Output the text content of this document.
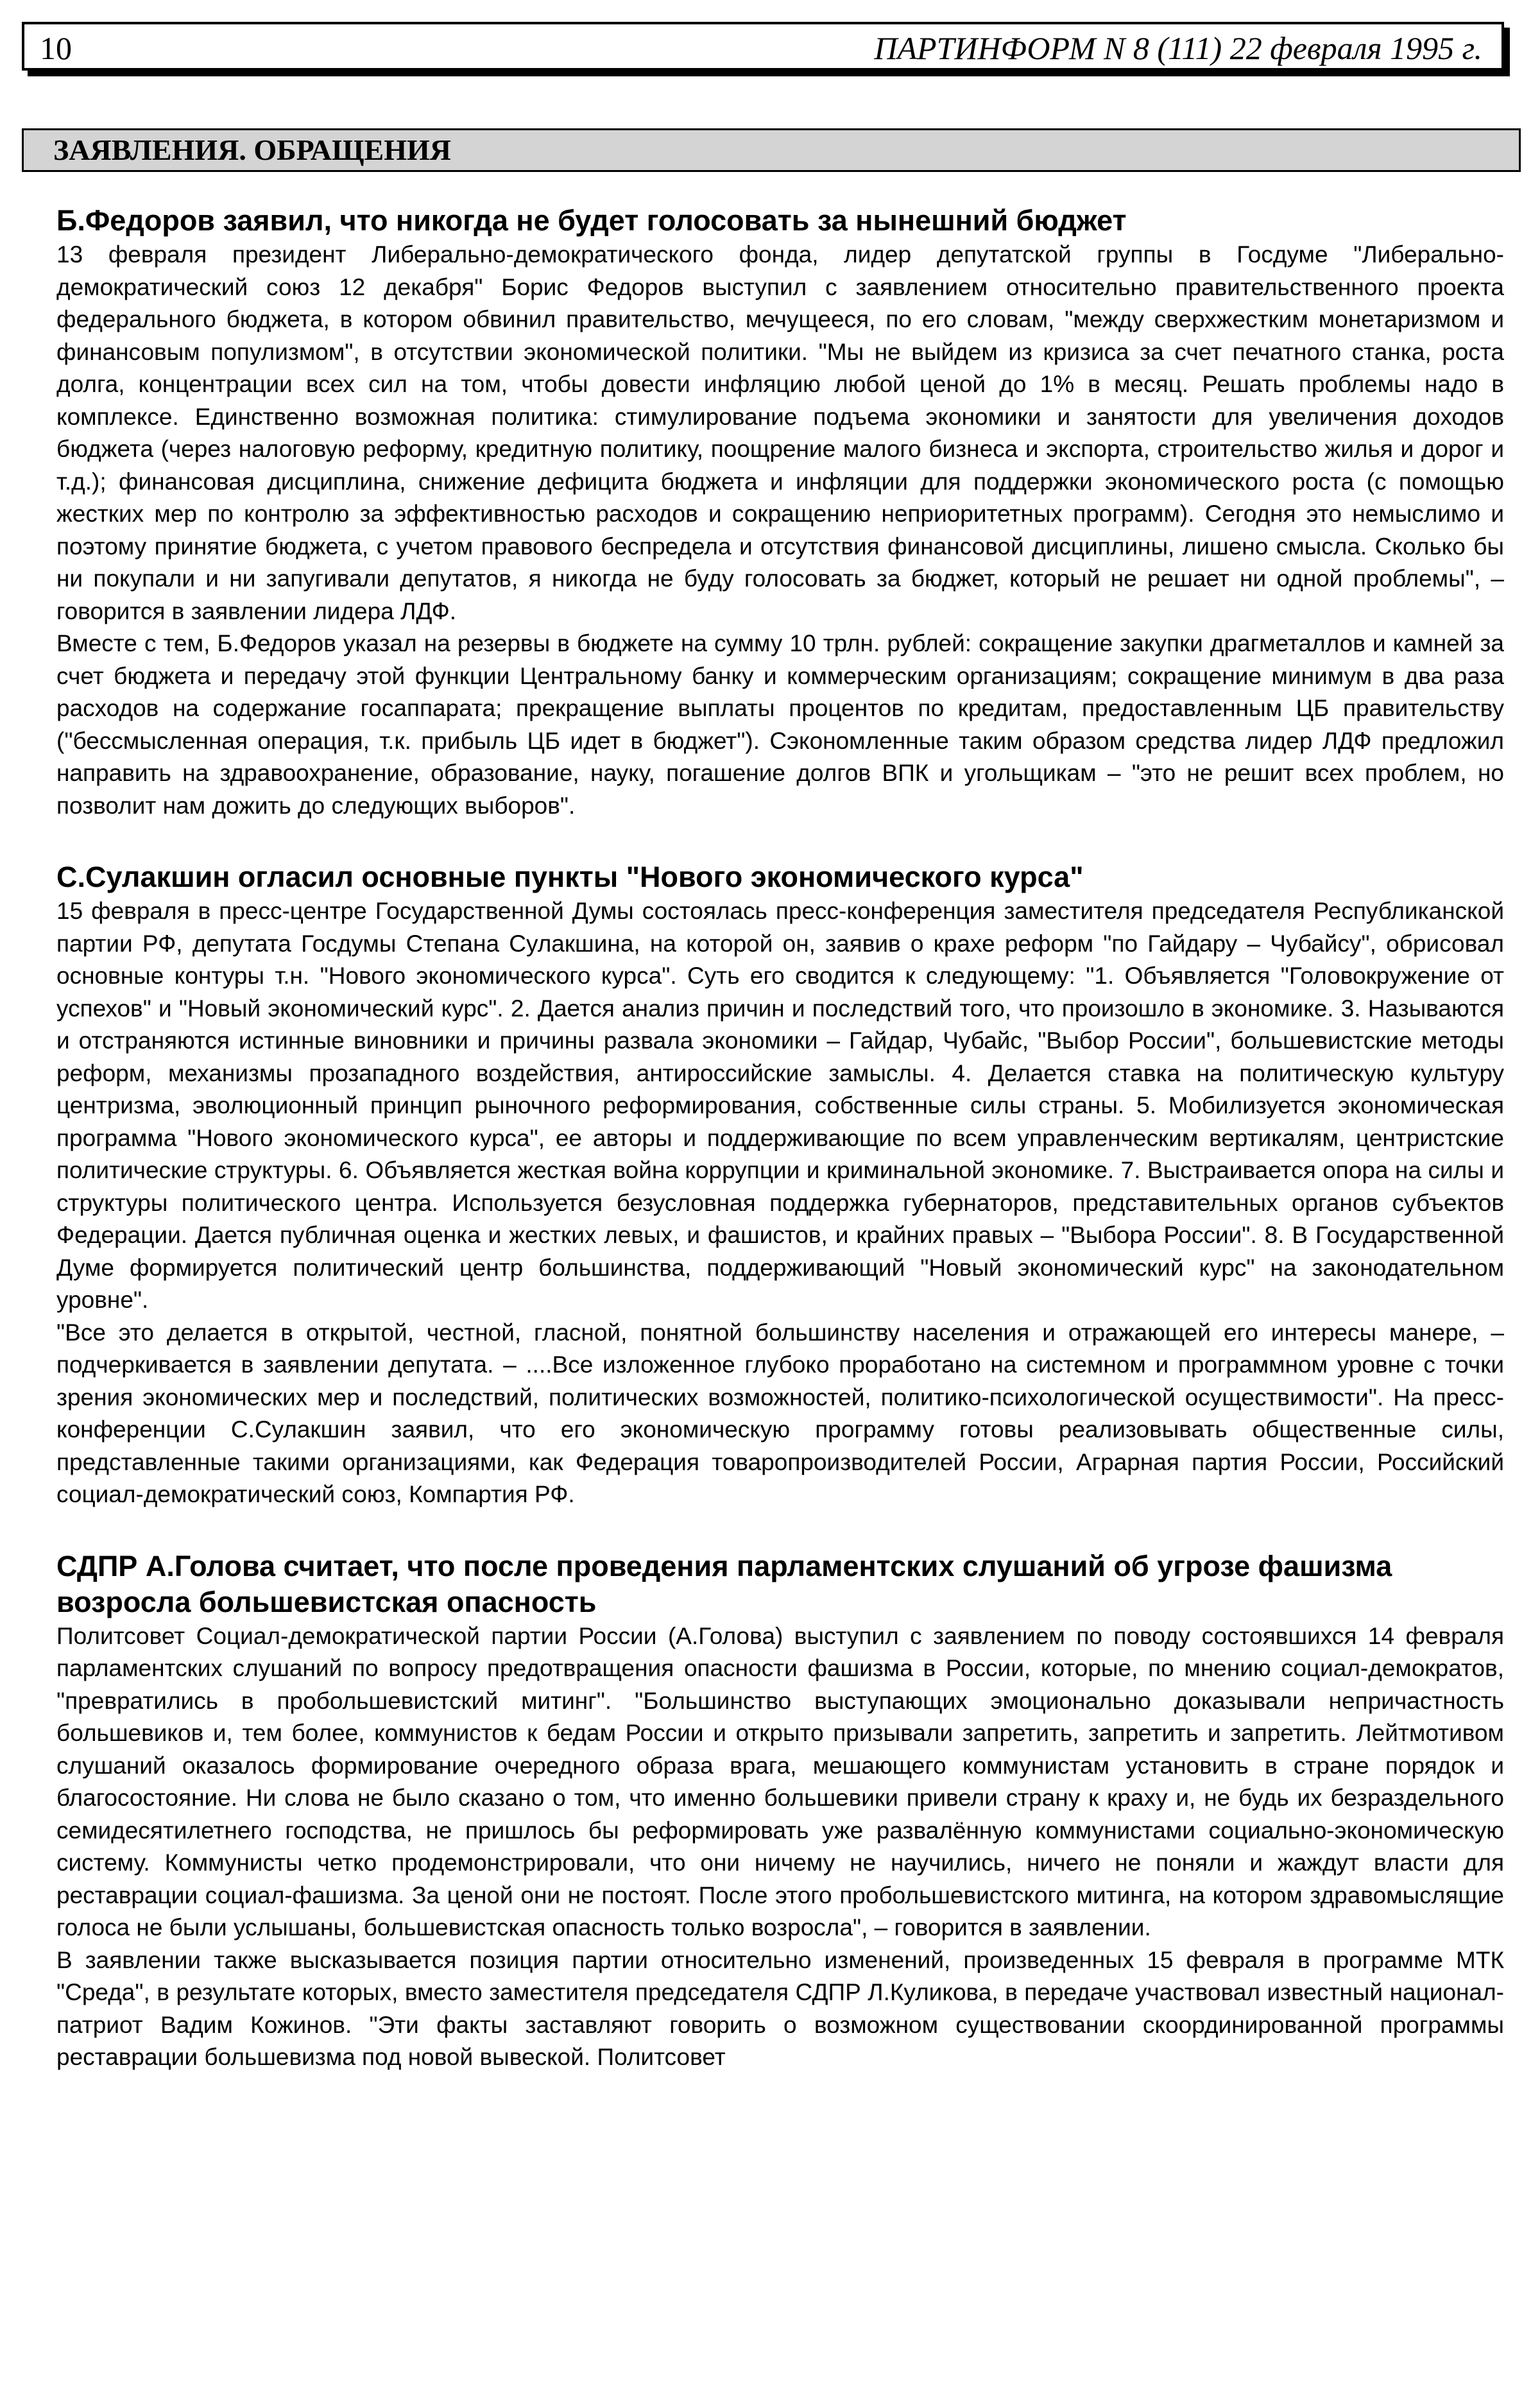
10	ПАРТИНФОРМ N 8 (111) 22 февраля 1995 г.
ЗАЯВЛЕНИЯ. ОБРАЩЕНИЯ
Б.Федоров заявил, что никогда не будет голосовать за нынешний бюджет

13 февраля президент Либерально-демократического фонда, лидер депутатской группы в Госдуме "Либерально-демократический союз 12 декабря" Борис Федоров выступил с заявлением относительно правительственного проекта федерального бюджета, в котором обвинил правительство, мечущееся, по его словам, "между сверхжестким монетаризмом и финансовым популизмом", в отсутствии экономической политики. "Мы не выйдем из кризиса за счет печатного станка, роста долга, концентрации всех сил на том, чтобы довести инфляцию любой ценой до 1% в месяц. Решать проблемы надо в комплексе. Единственно возможная политика: стимулирование подъема экономики и занятости для увеличения доходов бюджета (через налоговую реформу, кредитную политику, поощрение малого бизнеса и экспорта, строительство жилья и дорог и т.д.); финансовая дисциплина, снижение дефицита бюджета и инфляции для поддержки экономического роста (с помощью жестких мер по контролю за эффективностью расходов и сокращению неприоритетных программ). Сегодня это немыслимо и поэтому принятие бюджета, с учетом правового беспредела и отсутствия финансовой дисциплины, лишено смысла. Сколько бы ни покупали и ни запугивали депутатов, я никогда не буду голосовать за бюджет, который не решает ни одной проблемы", – говорится в заявлении лидера ЛДФ.

Вместе с тем, Б.Федоров указал на резервы в бюджете на сумму 10 трлн. рублей: сокращение закупки драгметаллов и камней за счет бюджета и передачу этой функции Центральному банку и коммерческим организациям; сокращение минимум в два раза расходов на содержание госаппарата; прекращение выплаты процентов по кредитам, предоставленным ЦБ правительству ("бессмысленная операция, т.к. прибыль ЦБ идет в бюджет"). Сэкономленные таким образом средства лидер ЛДФ предложил направить на здравоохранение, образование, науку, погашение долгов ВПК и угольщикам – "это не решит всех проблем, но позволит нам дожить до следующих выборов".

С.Сулакшин огласил основные пункты "Нового экономического курса"

15 февраля в пресс-центре Государственной Думы состоялась пресс-конференция заместителя председателя Республиканской партии РФ, депутата Госдумы Степана Сулакшина, на которой он, заявив о крахе реформ "по Гайдару – Чубайсу", обрисовал основные контуры т.н. "Нового экономического курса". Суть его сводится к следующему: "1. Объявляется "Головокружение от успехов" и "Новый экономический курс". 2. Дается анализ причин и последствий того, что произошло в экономике. 3. Называются и отстраняются истинные виновники и причины развала экономики – Гайдар, Чубайс, "Выбор России", большевистские методы реформ, механизмы прозападного воздействия, антироссийские замыслы. 4. Делается ставка на политическую культуру центризма, эволюционный принцип рыночного реформирования, собственные силы страны. 5. Мобилизуется экономическая программа "Нового экономического курса", ее авторы и поддерживающие по всем управленческим вертикалям, центристские политические структуры. 6. Объявляется жесткая война коррупции и криминальной экономике. 7. Выстраивается опора на силы и структуры политического центра. Используется безусловная поддержка губернаторов, представительных органов субъектов Федерации. Дается публичная оценка и жестких левых, и фашистов, и крайних правых – "Выбора России". 8. В Государственной Думе формируется политический центр большинства, поддерживающий "Новый экономический курс" на законодательном уровне".

"Все это делается в открытой, честной, гласной, понятной большинству населения и отражающей его интересы манере, – подчеркивается в заявлении депутата. – ....Все изложенное глубоко проработано на системном и программном уровне с точки зрения экономических мер и последствий, политических возможностей, политико-психологической осуществимости". На пресс-конференции С.Сулакшин заявил, что его экономическую программу готовы реализовывать общественные силы, представленные такими организациями, как Федерация товаропроизводителей России, Аграрная партия России, Российский социал-демократический союз, Компартия РФ.

СДПР А.Голова считает, что после проведения парламентских слушаний об угрозе фашизма возросла большевистская опасность

Политсовет Социал-демократической партии России (А.Голова) выступил с заявлением по поводу состоявшихся 14 февраля парламентских слушаний по вопросу предотвращения опасности фашизма в России, которые, по мнению социал-демократов, "превратились в пробольшевистский митинг". "Большинство выступающих эмоционально доказывали непричастность большевиков и, тем более, коммунистов к бедам России и открыто призывали запретить, запретить и запретить. Лейтмотивом слушаний оказалось формирование очередного образа врага, мешающего коммунистам установить в стране порядок и благосостояние. Ни слова не было сказано о том, что именно большевики привели страну к краху и, не будь их безраздельного семидесятилетнего господства, не пришлось бы реформировать уже развалённую коммунистами социально-экономическую систему. Коммунисты четко продемонстрировали, что они ничему не научились, ничего не поняли и жаждут власти для реставрации социал-фашизма. За ценой они не постоят. После этого пробольшевистского митинга, на котором здравомыслящие голоса не были услышаны, большевистская опасность только возросла", – говорится в заявлении.

В заявлении также высказывается позиция партии относительно изменений, произведенных 15 февраля в программе МТК "Среда", в результате которых, вместо заместителя председателя СДПР Л.Куликова, в передаче участвовал известный национал-патриот Вадим Кожинов. "Эти факты заставляют говорить о возможном существовании скоординированной программы реставрации большевизма под новой вывеской. Политсовет
